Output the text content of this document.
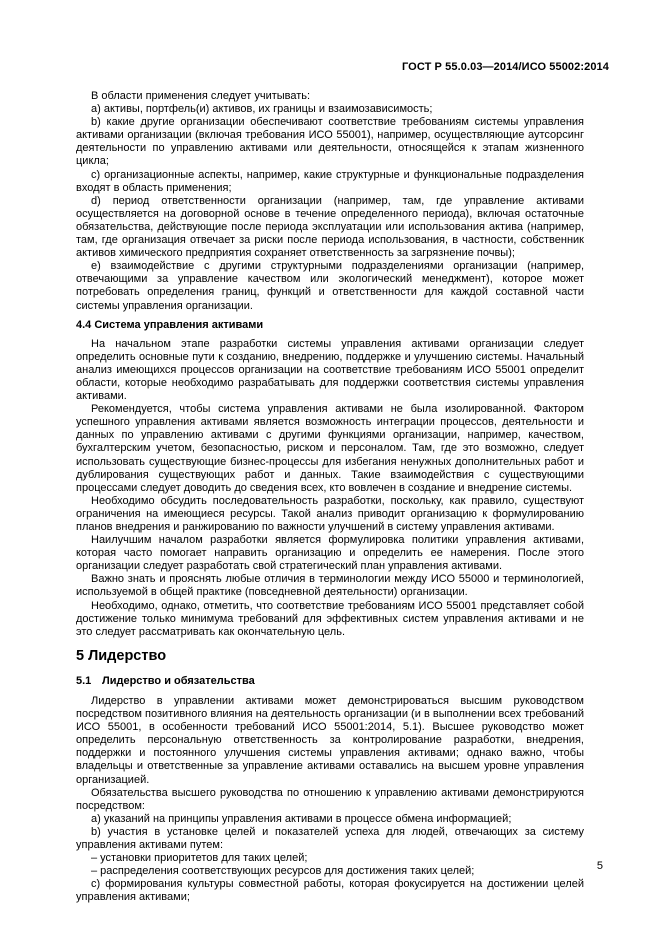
ГОСТ Р 55.0.03—2014/ИСО 55002:2014

В области применения следует учитывать:

a) активы, портфель(и) активов, их границы и взаимозависимость;

b) какие другие организации обеспечивают соответствие требованиям системы управления активами организации (включая требования ИСО 55001), например, осуществляющие аутсорсинг деятельности по управлению активами или деятельности, относящейся к этапам жизненного цикла;

c) организационные аспекты, например, какие структурные и функциональные подразделения входят в область применения;

d) период ответственности организации (например, там, где управление активами осуществляется на договорной основе в течение определенного периода), включая остаточные обязательства, действующие после периода эксплуатации или использования актива (например, там, где организация отвечает за риски после периода использования, в частности, собственник активов химического предприятия сохраняет ответственность за загрязнение почвы);

e) взаимодействие с другими структурными подразделениями организации (например, отвечающими за управление качеством или экологический менеджмент), которое может потребовать определения границ, функций и ответственности для каждой составной части системы управления организации.

4.4 Система управления активами

На начальном этапе разработки системы управления активами организации следует определить основные пути к созданию, внедрению, поддержке и улучшению системы. Начальный анализ имеющихся процессов организации на соответствие требованиям ИСО 55001 определит области, которые необходимо разрабатывать для поддержки соответствия системы управления активами.

Рекомендуется, чтобы система управления активами не была изолированной. Фактором успешного управления активами является возможность интеграции процессов, деятельности и данных по управлению активами с другими функциями организации, например, качеством, бухгалтерским учетом, безопасностью, риском и персоналом. Там, где это возможно, следует использовать существующие бизнес-процессы для избегания ненужных дополнительных работ и дублирования существующих работ и данных. Такие взаимодействия с существующими процессами следует доводить до сведения всех, кто вовлечен в создание и внедрение системы.

Необходимо обсудить последовательность разработки, поскольку, как правило, существуют ограничения на имеющиеся ресурсы. Такой анализ приводит организацию к формулированию планов внедрения и ранжированию по важности улучшений в систему управления активами.

Наилучшим началом разработки является формулировка политики управления активами, которая часто помогает направить организацию и определить ее намерения. После этого организации следует разработать свой стратегический план управления активами.

Важно знать и прояснять любые отличия в терминологии между ИСО 55000 и терминологией, используемой в общей практике (повседневной деятельности) организации.

Необходимо, однако, отметить, что соответствие требованиям ИСО 55001 представляет собой достижение только минимума требований для эффективных систем управления активами и не это следует рассматривать как окончательную цель.

5 Лидерство
5.1 Лидерство и обязательства

Лидерство в управлении активами может демонстрироваться высшим руководством посредством позитивного влияния на деятельность организации (и в выполнении всех требований ИСО 55001, в особенности требований ИСО 55001:2014, 5.1). Высшее руководство может определить персональную ответственность за контролирование разработки, внедрения, поддержки и постоянного улучшения системы управления активами; однако важно, чтобы владельцы и ответственные за управление активами оставались на высшем уровне управления организацией.

Обязательства высшего руководства по отношению к управлению активами демонстрируются посредством:

a) указаний на принципы управления активами в процессе обмена информацией;

b) участия в установке целей и показателей успеха для людей, отвечающих за систему управления активами путем:

– установки приоритетов для таких целей;

– распределения соответствующих ресурсов для достижения таких целей;

c) формирования культуры совместной работы, которая фокусируется на достижении целей управления активами;

5
